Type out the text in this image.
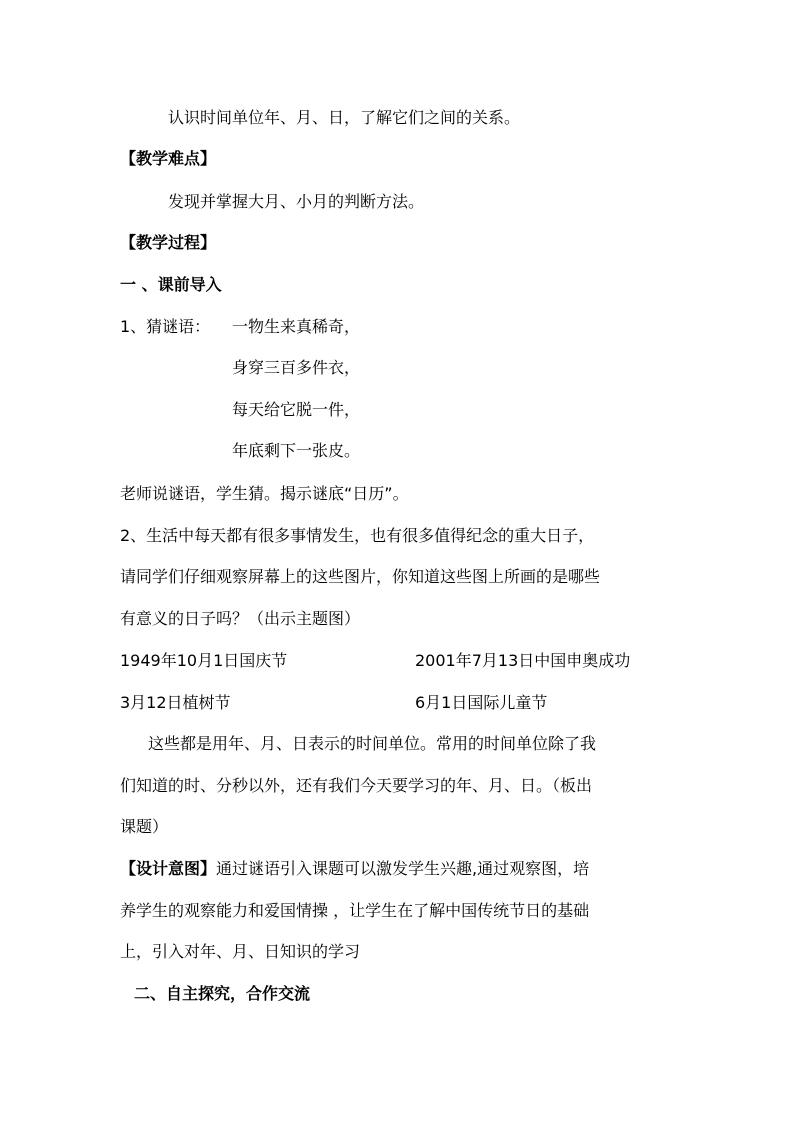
认识时间单位年、月、日，了解它们之间的关系。
【教学难点】
发现并掌握大月、小月的判断方法。
【教学过程】
一 、课前导入
1、猜谜语： 一物生来真稀奇，
身穿三百多件衣，
每天给它脱一件，
年底剩下一张皮。
老师说谜语，学生猜。揭示谜底“日历”。
2、生活中每天都有很多事情发生，也有很多值得纪念的重大日子，
请同学们仔细观察屏幕上的这些图片，你知道这些图上所画的是哪些
有意义的日子吗？（出示主题图）
1949年10月1日国庆节	2001年7月13日中国申奥成功
3月12日植树节	6月1日国际儿童节
这些都是用年、月、日表示的时间单位。常用的时间单位除了我
们知道的时、分秒以外，还有我们今天要学习的年、月、日。（板出
课题）
【设计意图】通过谜语引入课题可以激发学生兴趣,通过观察图，培
养学生的观察能力和爱国情操 ，让学生在了解中国传统节日的基础
上，引入对年、月、日知识的学习
二、自主探究，合作交流
